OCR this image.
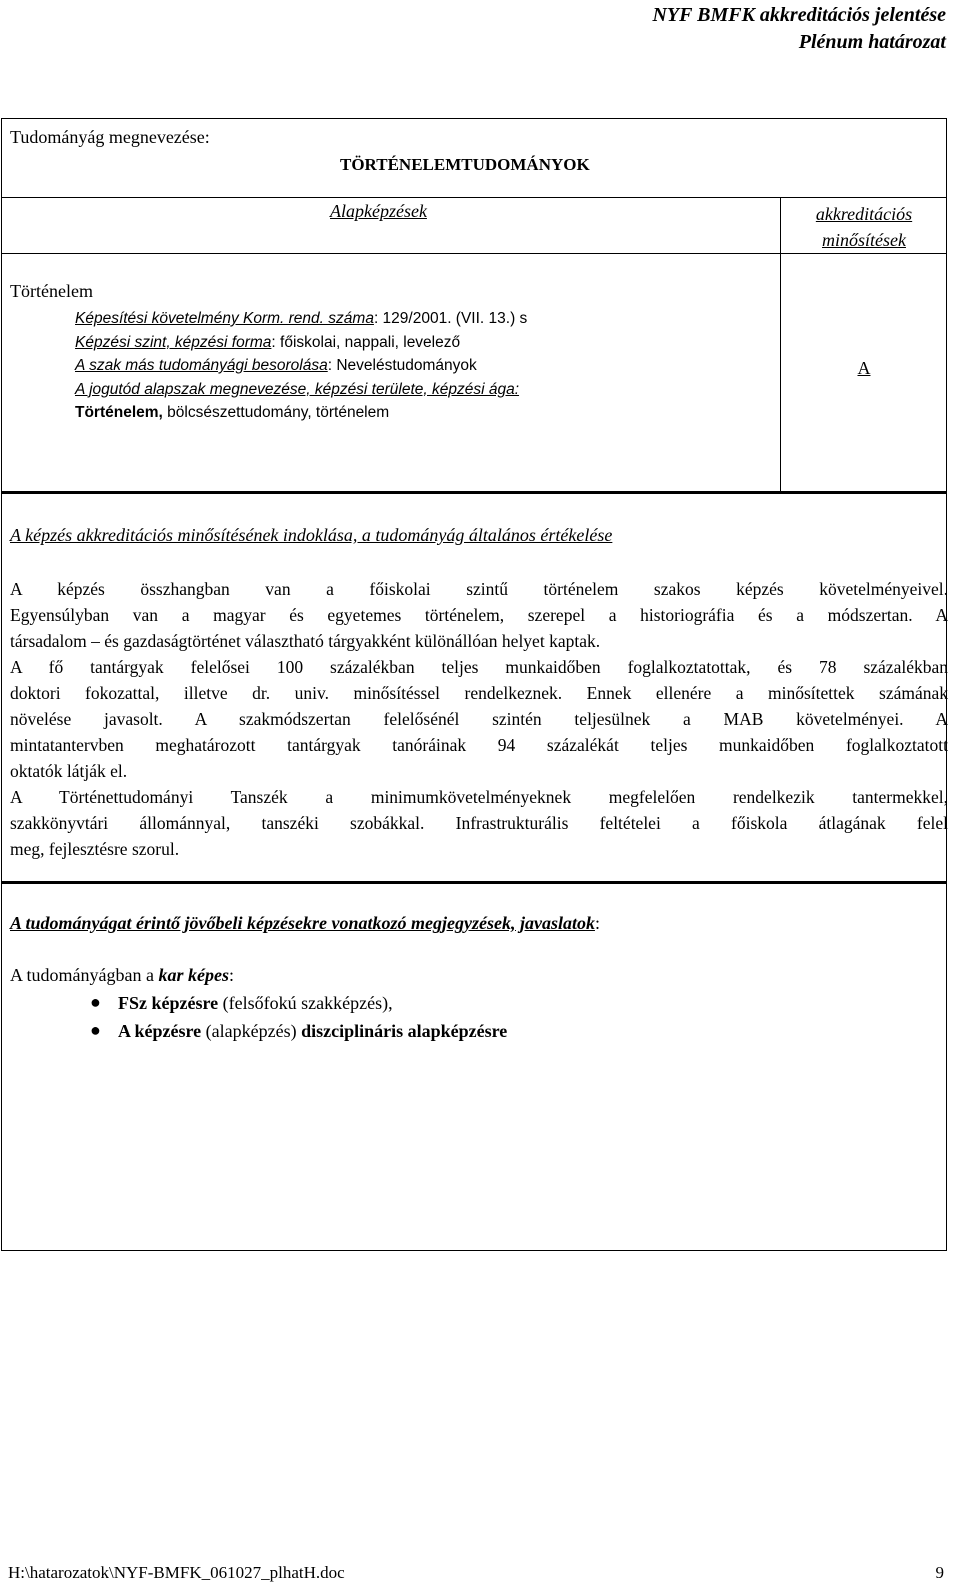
NYF BMFK akkreditációs jelentése
Plénum határozat
Tudományág megnevezése:
TÖRTÉNELEMTUDOMÁNYOK
Alapképzések	akkreditációs
minősítések
Történelem
Képesítési követelmény Korm. rend. száma: 129/2001. (VII. 13.) s
Képzési szint, képzési forma: főiskolai, nappali, levelező
A szak más tudományági besorolása: Neveléstudományok
A jogutód alapszak megnevezése, képzési területe, képzési ága:
Történelem, bölcsészettudomány, történelem
A
A képzés akkreditációs minősítésének indoklása, a tudományág általános értékelése
A képzés összhangban van a főiskolai szintű történelem szakos képzés követelményeivel.
Egyensúlyban van a magyar és egyetemes történelem, szerepel a historiográfia és a módszertan. A
társadalom – és gazdaságtörténet választható tárgyakként különállóan helyet kaptak.
A fő tantárgyak felelősei 100 százalékban teljes munkaidőben foglalkoztatottak, és 78 százalékban
doktori fokozattal, illetve dr. univ. minősítéssel rendelkeznek. Ennek ellenére a minősítettek számának
növelése javasolt. A szakmódszertan felelősénél szintén teljesülnek a MAB követelményei. A
mintatantervben meghatározott tantárgyak tanóráinak 94 százalékát teljes munkaidőben foglalkoztatott
oktatók látják el.
A Történettudományi Tanszék a minimumkövetelményeknek megfelelően rendelkezik tantermekkel,
szakkönyvtári állománnyal, tanszéki szobákkal. Infrastrukturális feltételei a főiskola átlagának felel
meg, fejlesztésre szorul.
A tudományágat érintő jövőbeli képzésekre vonatkozó megjegyzések, javaslatok:
A tudományágban a kar képes:
● FSz képzésre (felsőfokú szakképzés),
● A képzésre (alapképzés) diszciplináris alapképzésre
H:\hatarozatok\NYF-BMFK_061027_plhatH.doc	9
